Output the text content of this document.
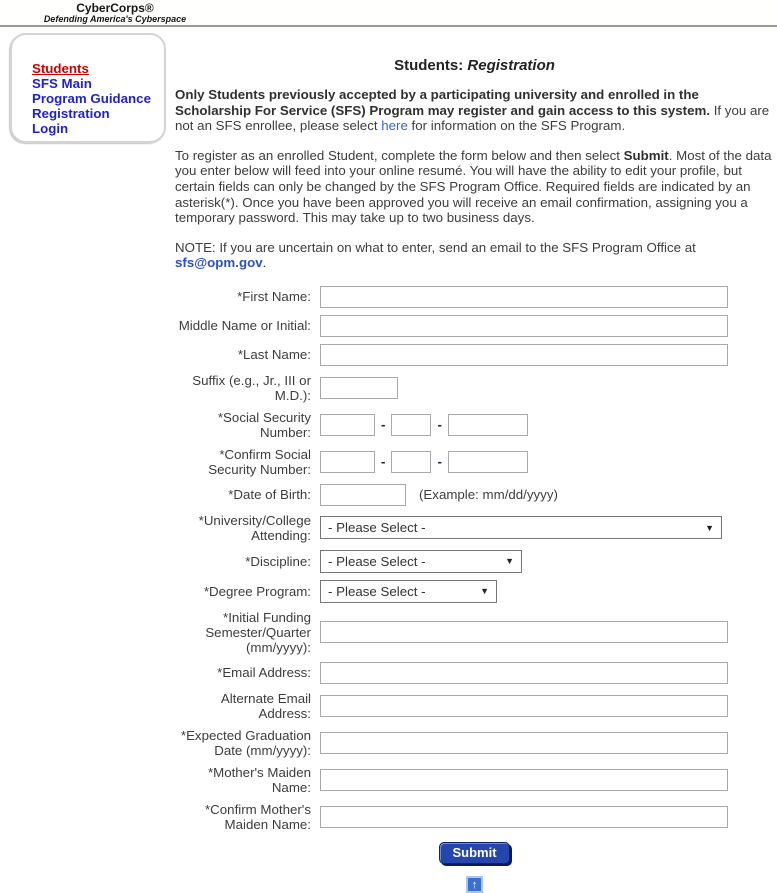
CyberCorps®
Defending America's Cyberspace
Students
SFS Main
Program Guidance
Registration
Login
Students: Registration

Only Students previously accepted by a participating university and enrolled in the Scholarship For Service (SFS) Program may register and gain access to this system. If you are not an SFS enrollee, please select here for information on the SFS Program.

To register as an enrolled Student, complete the form below and then select Submit. Most of the data you enter below will feed into your online resumé. You will have the ability to edit your profile, but certain fields can only be changed by the SFS Program Office. Required fields are indicated by an asterisk(*). Once you have been approved you will receive an email confirmation, assigning you a temporary password. This may take up to two business days.

NOTE: If you are uncertain on what to enter, send an email to the SFS Program Office at sfs@opm.gov.

*First Name:
Middle Name or Initial:
*Last Name:
Suffix (e.g., Jr., III or M.D.):
*Social Security Number:	-	-
*Confirm Social Security Number:	-	-
*Date of Birth:	(Example: mm/dd/yyyy)
*University/College Attending:	- Please Select -	▼
*Discipline:	- Please Select -	▼
*Degree Program:	- Please Select -	▼
*Initial Funding Semester/Quarter (mm/yyyy):
*Email Address:
Alternate Email Address:
*Expected Graduation Date (mm/yyyy):
*Mother's Maiden Name:
*Confirm Mother's Maiden Name:
Submit
↑
